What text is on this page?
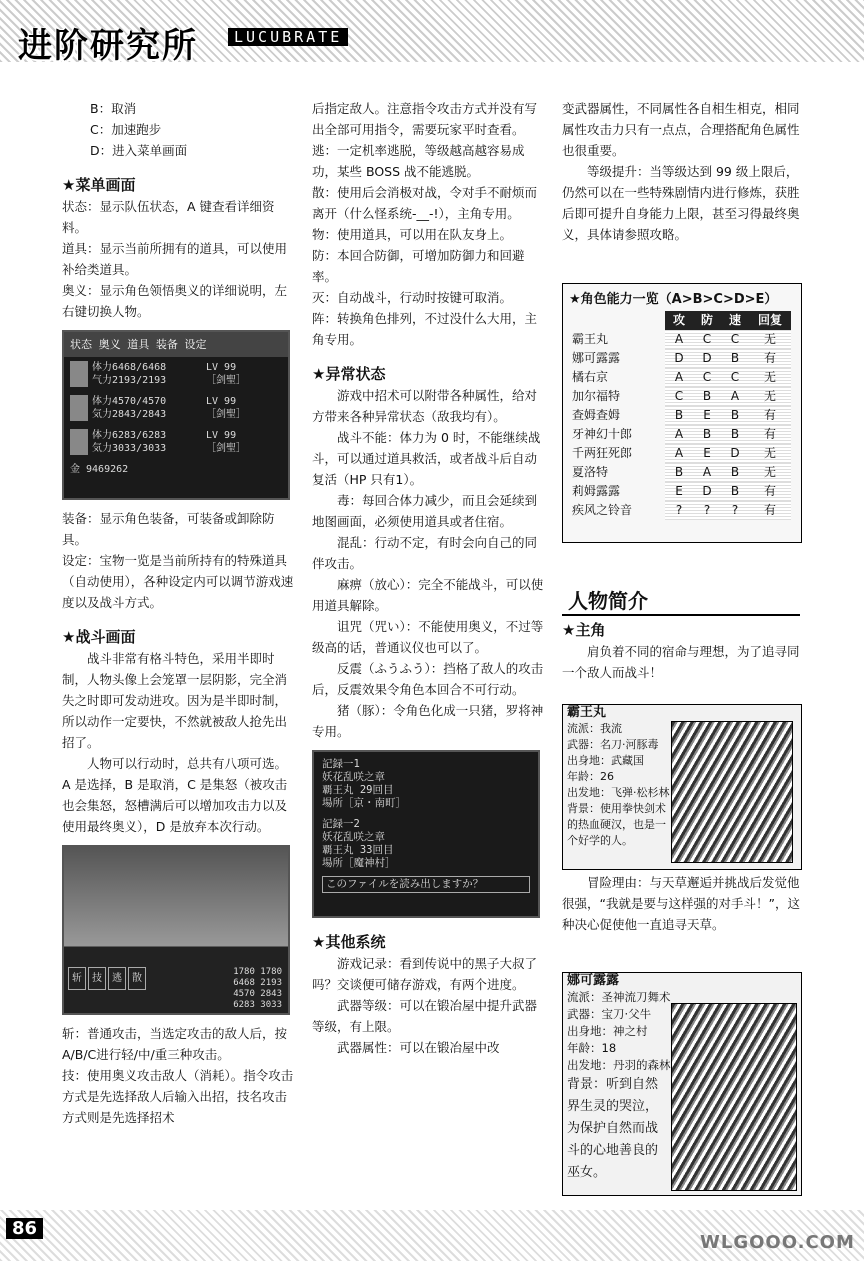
进阶研究所	LUCUBRATE

B：取消

C：加速跑步

D：进入菜单画面

★菜单画面

状态：显示队伍状态，A 键查看详细资料。

道具：显示当前所拥有的道具，可以使用补给类道具。

奥义：显示角色领悟奥义的详细说明，左右键切换人物。

状态 奥义 道具 装备 设定
体力6468/6468
气力2193/2193
LV 99
［剑聖］
体力4570/4570
気力2843/2843
LV 99
［剑聖］
体力6283/6283
気力3033/3033
LV 99
［剑聖］
金 9469262

装备：显示角色装备，可装备或卸除防具。

设定：宝物一览是当前所持有的特殊道具（自动使用），各种设定内可以调节游戏速度以及战斗方式。

★战斗画面

战斗非常有格斗特色，采用半即时制，人物头像上会笼罩一层阴影，完全消失之时即可发动进攻。因为是半即时制，所以动作一定要快，不然就被敌人抢先出招了。

人物可以行动时，总共有八项可选。A 是选择，B 是取消，C 是集怒（被攻击也会集怒，怒槽满后可以增加攻击力以及使用最终奥义），D 是放弃本次行动。

斩	技	逃	散
1780 1780
6468 2193
4570 2843
6283 3033

斩：普通攻击，当选定攻击的敌人后，按A/B/C进行轻/中/重三种攻击。

技：使用奥义攻击敌人（消耗）。指令攻击方式是先选择敌人后输入出招，技名攻击方式则是先选择招术

后指定敌人。注意指令攻击方式并没有写出全部可用指令，需要玩家平时查看。

逃：一定机率逃脱，等级越高越容易成功，某些 BOSS 战不能逃脱。

散：使用后会消极对战，令对手不耐烦而离开（什么怪系统-__-!），主角专用。

物：使用道具，可以用在队友身上。

防：本回合防御，可增加防御力和回避率。

灭：自动战斗，行动时按键可取消。

阵：转换角色排列，不过没什么大用，主角专用。

★异常状态

游戏中招术可以附带各种属性，给对方带来各种异常状态（敌我均有）。

战斗不能：体力为 0 时，不能继续战斗，可以通过道具救活，或者战斗后自动复活（HP 只有1）。

毒：每回合体力减少，而且会延续到地图画面，必须使用道具或者住宿。

混乱：行动不定，有时会向自己的同伴攻击。

麻痹（放心）：完全不能战斗，可以使用道具解除。

诅咒（咒い）：不能使用奥义，不过等级高的话，普通议仪也可以了。

反震（ふうふう）：挡格了敌人的攻击后，反震效果令角色本回合不可行动。

猪（豚）：令角色化成一只猪，罗将神专用。

記録一1
妖花乱咲之章
覇王丸 29回目
場所［京・南町］
記録一2
妖花乱咲之章
覇王丸 33回目
場所［魔神村］
このファイルを読み出しますか？

★其他系统

游戏记录：看到传说中的黑子大叔了吗？交谈便可储存游戏，有两个进度。

武器等级：可以在锻冶屋中提升武器等级，有上限。

武器属性：可以在锻冶屋中改

变武器属性，不同属性各自相生相克，相同属性攻击力只有一点点，合理搭配角色属性也很重要。

等级提升：当等级达到 99 级上限后，仍然可以在一些特殊剧情内进行修炼，获胜后即可提升自身能力上限，甚至习得最终奥义，具体请参照攻略。

★角色能力一览（A>B>C>D>E）
	攻	防	速	回复
霸王丸	A	C	C	无
娜可露露	D	D	B	有
橘右京	A	C	C	无
加尔福特	C	B	A	无
查姆查姆	B	E	B	有
牙神幻十郎	A	B	B	有
千两狂死郎	A	E	D	无
夏洛特	B	A	B	无
莉姆露露	E	D	B	有
疾风之铃音	?	?	?	有
人物简介

★主角

肩负着不同的宿命与理想，为了追寻同一个敌人而战斗！

霸王丸
流派：我流
武器：名刀·河豚毒
出身地：武藏国
年龄：26
出发地：飞弹·松杉林
背景：使用拳快剑术的热血硬汉，也是一个好学的人。

冒险理由：与天草邂逅并挑战后发觉他很强，“我就是要与这样强的对手斗！”，这种决心促使他一直追寻天草。

娜可露露
流派：圣神流刀舞术
武器：宝刀·父牛
出身地：神之村
年龄：18
出发地：丹羽的森林
背景：听到自然界生灵的哭泣，为保护自然而战斗的心地善良的巫女。
86
WLGOOO.COM
